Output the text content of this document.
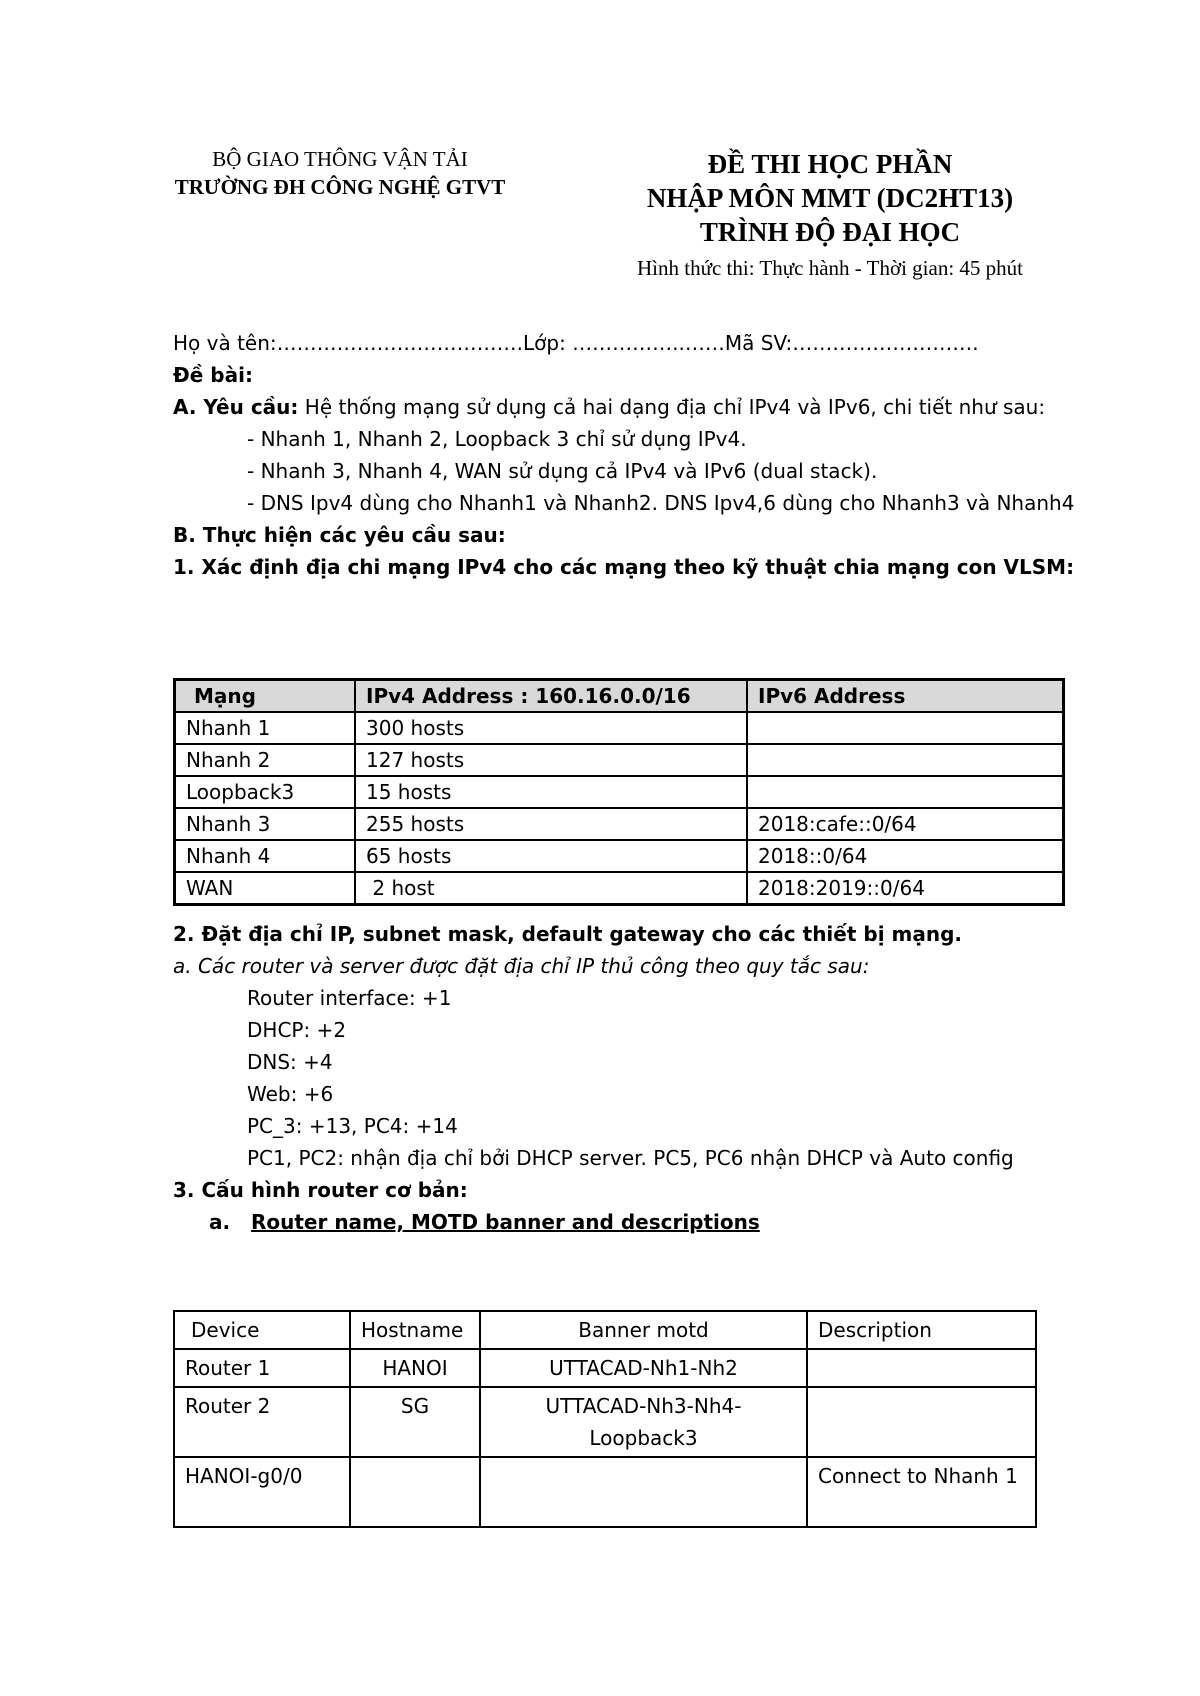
BỘ GIAO THÔNG VẬN TẢI
TRƯỜNG ĐH CÔNG NGHỆ GTVT
ĐỀ THI HỌC PHẦN
NHẬP MÔN MMT (DC2HT13)
TRÌNH ĐỘ ĐẠI HỌC
Hình thức thi: Thực hành - Thời gian: 45 phút
Họ và tên:……………………………….Lớp: ……………..……Mã SV:……………………….
Đề bài:
A. Yêu cầu: Hệ thống mạng sử dụng cả hai dạng địa chỉ IPv4 và IPv6, chi tiết như sau:
- Nhanh 1, Nhanh 2, Loopback 3 chỉ sử dụng IPv4.
- Nhanh 3, Nhanh 4, WAN sử dụng cả IPv4 và IPv6 (dual stack).
- DNS Ipv4 dùng cho Nhanh1 và Nhanh2. DNS Ipv4,6 dùng cho Nhanh3 và Nhanh4
B. Thực hiện các yêu cầu sau:
1. Xác định địa chi mạng IPv4 cho các mạng theo kỹ thuật chia mạng con VLSM:
Mạng	IPv4 Address : 160.16.0.0/16	IPv6 Address
Nhanh 1	300 hosts	
Nhanh 2	127 hosts	
Loopback3	15 hosts	
Nhanh 3	255 hosts	2018:cafe::0/64
Nhanh 4	65 hosts	2018::0/64
WAN	2 host	2018:2019::0/64
2. Đặt địa chỉ IP, subnet mask, default gateway cho các thiết bị mạng.
a. Các router và server được đặt địa chỉ IP thủ công theo quy tắc sau:
Router interface: +1
DHCP: +2
DNS: +4
Web: +6
PC_3: +13, PC4: +14
PC1, PC2: nhận địa chỉ bởi DHCP server. PC5, PC6 nhận DHCP và Auto config
3. Cấu hình router cơ bản:
a. Router name, MOTD banner and descriptions
Device	Hostname	Banner motd	Description
Router 1	HANOI	UTTACAD-Nh1-Nh2	
Router 2	SG	UTTACAD-Nh3-Nh4-Loopback3	
HANOI-g0/0			Connect to Nhanh 1
